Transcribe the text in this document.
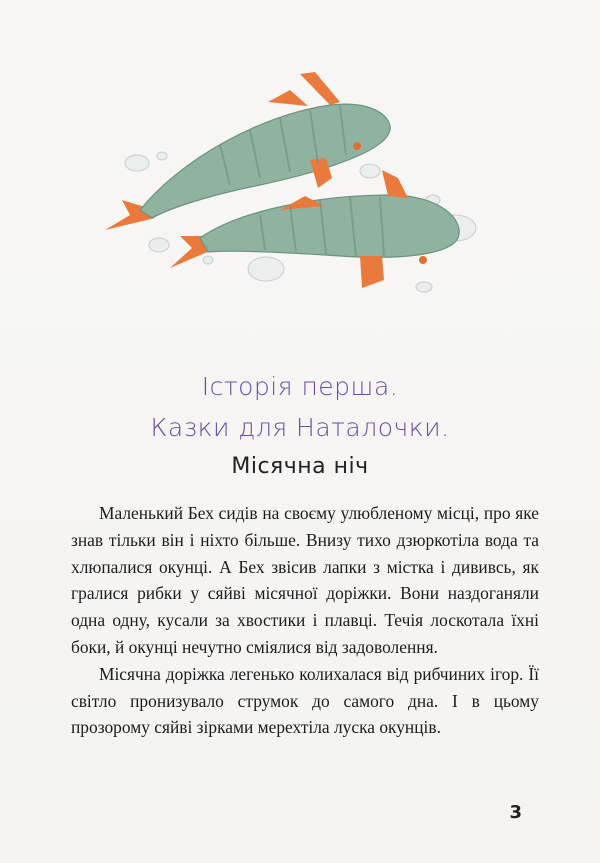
Історія перша.
Казки для Наталочки.
Місячна ніч

Маленький Бех сидів на своєму улюбленому місці, про яке знав тільки він і ніхто більше. Внизу тихо дзюркотіла вода та хлюпалися окунці. А Бех звісив лапки з містка і дививсь, як гралися рибки у сяйві місячної доріжки. Вони наздоганяли одна одну, кусали за хвостики і плавці. Течія лоскотала їхні боки, й окунці нечутно сміялися від задоволення.

Місячна доріжка легенько колихалася від рибчиних ігор. Її світло пронизувало струмок до самого дна. І в цьому прозорому сяйві зірками мерехтіла луска окунців.

3
